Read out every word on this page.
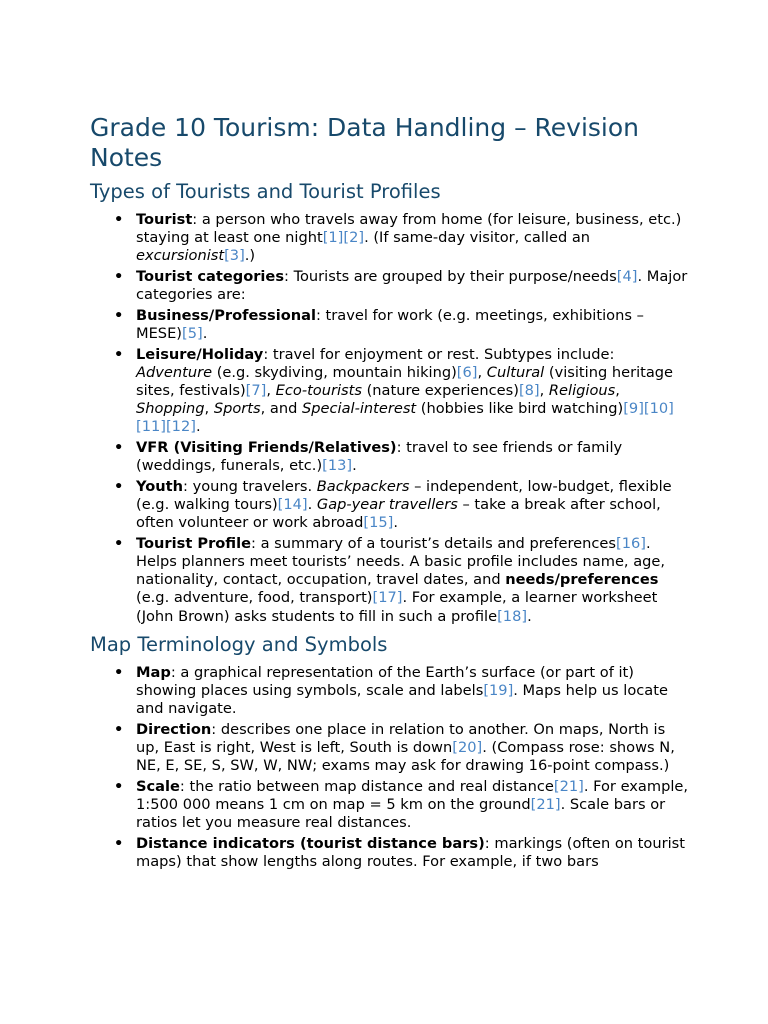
Grade 10 Tourism: Data Handling – Revision Notes
Types of Tourists and Tourist Profiles
• Tourist: a person who travels away from home (for leisure, business, etc.) staying at least one night[1][2]. (If same-day visitor, called an excursionist[3].)
• Tourist categories: Tourists are grouped by their purpose/needs[4]. Major categories are:
• Business/Professional: travel for work (e.g. meetings, exhibitions – MESE)[5].
• Leisure/Holiday: travel for enjoyment or rest. Subtypes include: Adventure (e.g. skydiving, mountain hiking)[6], Cultural (visiting heritage sites, festivals)[7], Eco-tourists (nature experiences)[8], Religious, Shopping, Sports, and Special-interest (hobbies like bird watching)[9][10][11][12].
• VFR (Visiting Friends/Relatives): travel to see friends or family (weddings, funerals, etc.)[13].
• Youth: young travelers. Backpackers – independent, low-budget, flexible (e.g. walking tours)[14]. Gap-year travellers – take a break after school, often volunteer or work abroad[15].
• Tourist Profile: a summary of a tourist’s details and preferences[16]. Helps planners meet tourists’ needs. A basic profile includes name, age, nationality, contact, occupation, travel dates, and needs/preferences (e.g. adventure, food, transport)[17]. For example, a learner worksheet (John Brown) asks students to fill in such a profile[18].
Map Terminology and Symbols
• Map: a graphical representation of the Earth’s surface (or part of it) showing places using symbols, scale and labels[19]. Maps help us locate and navigate.
• Direction: describes one place in relation to another. On maps, North is up, East is right, West is left, South is down[20]. (Compass rose: shows N, NE, E, SE, S, SW, W, NW; exams may ask for drawing 16-point compass.)
• Scale: the ratio between map distance and real distance[21]. For example, 1:500 000 means 1 cm on map = 5 km on the ground[21]. Scale bars or ratios let you measure real distances.
• Distance indicators (tourist distance bars): markings (often on tourist maps) that show lengths along routes. For example, if two bars
